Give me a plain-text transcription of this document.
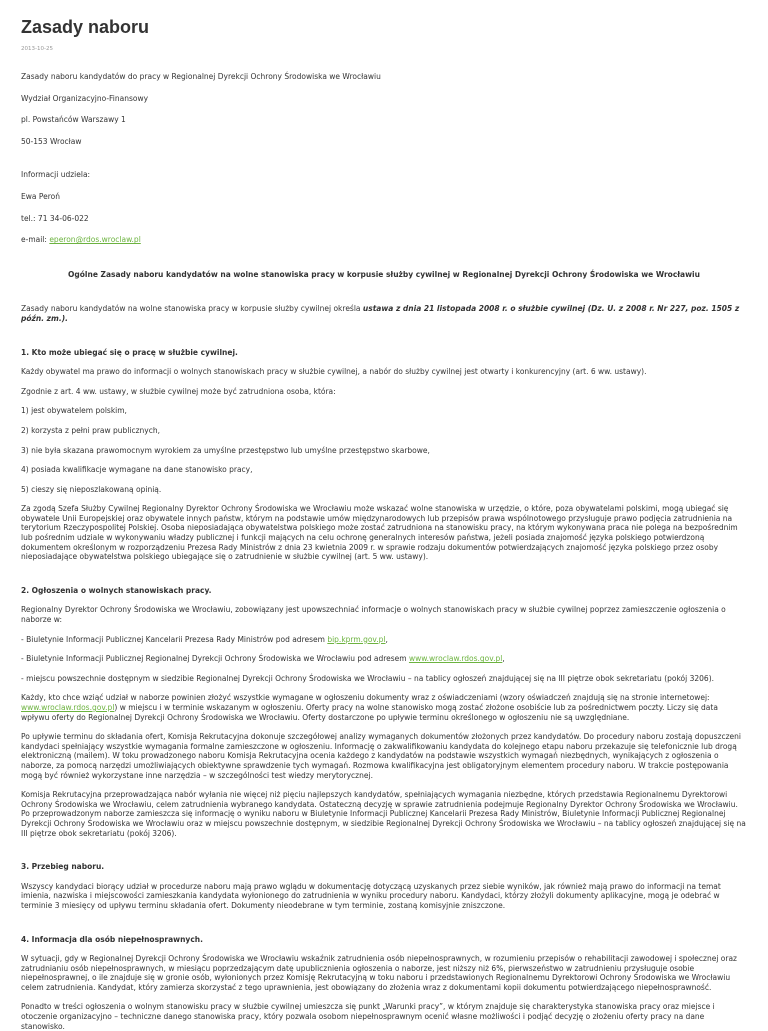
Zasady naboru
2013-10-25

Zasady naboru kandydatów do pracy w Regionalnej Dyrekcji Ochrony Środowiska we Wrocławiu

Wydział Organizacyjno-Finansowy

pl. Powstańców Warszawy 1

50-153 Wrocław

Informacji udziela:

Ewa Peroń

tel.: 71 34-06-022

e-mail: eperon@rdos.wroclaw.pl

Ogólne Zasady naboru kandydatów na wolne stanowiska pracy w korpusie służby cywilnej w Regionalnej Dyrekcji Ochrony Środowiska we Wrocławiu

Zasady naboru kandydatów na wolne stanowiska pracy w korpusie służby cywilnej określa ustawa z dnia 21 listopada 2008 r. o służbie cywilnej (Dz. U. z 2008 r. Nr 227, poz. 1505 z późn. zm.).

1. Kto może ubiegać się o pracę w służbie cywilnej.

Każdy obywatel ma prawo do informacji o wolnych stanowiskach pracy w służbie cywilnej, a nabór do służby cywilnej jest otwarty i konkurencyjny (art. 6 ww. ustawy).

Zgodnie z art. 4 ww. ustawy, w służbie cywilnej może być zatrudniona osoba, która:

1) jest obywatelem polskim,

2) korzysta z pełni praw publicznych,

3) nie była skazana prawomocnym wyrokiem za umyślne przestępstwo lub umyślne przestępstwo skarbowe,

4) posiada kwalifikacje wymagane na dane stanowisko pracy,

5) cieszy się nieposzlakowaną opinią.

Za zgodą Szefa Służby Cywilnej Regionalny Dyrektor Ochrony Środowiska we Wrocławiu może wskazać wolne stanowiska w urzędzie, o które, poza obywatelami polskimi, mogą ubiegać się obywatele Unii Europejskiej oraz obywatele innych państw, którym na podstawie umów międzynarodowych lub przepisów prawa wspólnotowego przysługuje prawo podjęcia zatrudnienia na terytorium Rzeczypospolitej Polskiej. Osoba nieposiadająca obywatelstwa polskiego może zostać zatrudniona na stanowisku pracy, na którym wykonywana praca nie polega na bezpośrednim lub pośrednim udziale w wykonywaniu władzy publicznej i funkcji mających na celu ochronę generalnych interesów państwa, jeżeli posiada znajomość języka polskiego potwierdzoną dokumentem określonym w rozporządzeniu Prezesa Rady Ministrów z dnia 23 kwietnia 2009 r. w sprawie rodzaju dokumentów potwierdzających znajomość języka polskiego przez osoby nieposiadające obywatelstwa polskiego ubiegające się o zatrudnienie w służbie cywilnej (art. 5 ww. ustawy).

2. Ogłoszenia o wolnych stanowiskach pracy.

Regionalny Dyrektor Ochrony Środowiska we Wrocławiu, zobowiązany jest upowszechniać informacje o wolnych stanowiskach pracy w służbie cywilnej poprzez zamieszczenie ogłoszenia o naborze w:

- Biuletynie Informacji Publicznej Kancelarii Prezesa Rady Ministrów pod adresem bip.kprm.gov.pl,

- Biuletynie Informacji Publicznej Regionalnej Dyrekcji Ochrony Środowiska we Wrocławiu pod adresem www.wroclaw.rdos.gov.pl,

- miejscu powszechnie dostępnym w siedzibie Regionalnej Dyrekcji Ochrony Środowiska we Wrocławiu – na tablicy ogłoszeń znajdującej się na III piętrze obok sekretariatu (pokój 3206).

Każdy, kto chce wziąć udział w naborze powinien złożyć wszystkie wymagane w ogłoszeniu dokumenty wraz z oświadczeniami (wzory oświadczeń znajdują się na stronie internetowej: www.wroclaw.rdos.gov.pl) w miejscu i w terminie wskazanym w ogłoszeniu. Oferty pracy na wolne stanowisko mogą zostać złożone osobiście lub za pośrednictwem poczty. Liczy się data wpływu oferty do Regionalnej Dyrekcji Ochrony Środowiska we Wrocławiu. Oferty dostarczone po upływie terminu określonego w ogłoszeniu nie są uwzględniane.

Po upływie terminu do składania ofert, Komisja Rekrutacyjna dokonuje szczegółowej analizy wymaganych dokumentów złożonych przez kandydatów. Do procedury naboru zostają dopuszczeni kandydaci spełniający wszystkie wymagania formalne zamieszczone w ogłoszeniu. Informację o zakwalifikowaniu kandydata do kolejnego etapu naboru przekazuje się telefonicznie lub drogą elektroniczną (mailem). W toku prowadzonego naboru Komisja Rekrutacyjna ocenia każdego z kandydatów na podstawie wszystkich wymagań niezbędnych, wynikających z ogłoszenia o naborze, za pomocą narzędzi umożliwiających obiektywne sprawdzenie tych wymagań. Rozmowa kwalifikacyjna jest obligatoryjnym elementem procedury naboru. W trakcie postępowania mogą być również wykorzystane inne narzędzia – w szczególności test wiedzy merytorycznej.

Komisja Rekrutacyjna przeprowadzająca nabór wyłania nie więcej niż pięciu najlepszych kandydatów, spełniających wymagania niezbędne, których przedstawia Regionalnemu Dyrektorowi Ochrony Środowiska we Wrocławiu, celem zatrudnienia wybranego kandydata. Ostateczną decyzję w sprawie zatrudnienia podejmuje Regionalny Dyrektor Ochrony Środowiska we Wrocławiu. Po przeprowadzonym naborze zamieszcza się informację o wyniku naboru w Biuletynie Informacji Publicznej Kancelarii Prezesa Rady Ministrów, Biuletynie Informacji Publicznej Regionalnej Dyrekcji Ochrony Środowiska we Wrocławiu oraz w miejscu powszechnie dostępnym, w siedzibie Regionalnej Dyrekcji Ochrony Środowiska we Wrocławiu – na tablicy ogłoszeń znajdującej się na III piętrze obok sekretariatu (pokój 3206).

3. Przebieg naboru.

Wszyscy kandydaci biorący udział w procedurze naboru mają prawo wglądu w dokumentację dotyczącą uzyskanych przez siebie wyników, jak również mają prawo do informacji na temat imienia, nazwiska i miejscowości zamieszkania kandydata wyłonionego do zatrudnienia w wyniku procedury naboru. Kandydaci, którzy złożyli dokumenty aplikacyjne, mogą je odebrać w terminie 3 miesięcy od upływu terminu składania ofert. Dokumenty nieodebrane w tym terminie, zostaną komisyjnie zniszczone.

4. Informacja dla osób niepełnosprawnych.

W sytuacji, gdy w Regionalnej Dyrekcji Ochrony Środowiska we Wrocławiu wskaźnik zatrudnienia osób niepełnosprawnych, w rozumieniu przepisów o rehabilitacji zawodowej i społecznej oraz zatrudnianiu osób niepełnosprawnych, w miesiącu poprzedzającym datę upublicznienia ogłoszenia o naborze, jest niższy niż 6%, pierwszeństwo w zatrudnieniu przysługuje osobie niepełnosprawnej, o ile znajduje się w gronie osób, wyłonionych przez Komisję Rekrutacyjną w toku naboru i przedstawionych Regionalnemu Dyrektorowi Ochrony Środowiska we Wrocławiu celem zatrudnienia. Kandydat, który zamierza skorzystać z tego uprawnienia, jest obowiązany do złożenia wraz z dokumentami kopii dokumentu potwierdzającego niepełnosprawność.

Ponadto w treści ogłoszenia o wolnym stanowisku pracy w służbie cywilnej umieszcza się punkt „Warunki pracy”, w którym znajduje się charakterystyka stanowiska pracy oraz miejsce i otoczenie organizacyjno – techniczne danego stanowiska pracy, który pozwala osobom niepełnosprawnym ocenić własne możliwości i podjąć decyzję o złożeniu oferty pracy na dane stanowisko.
